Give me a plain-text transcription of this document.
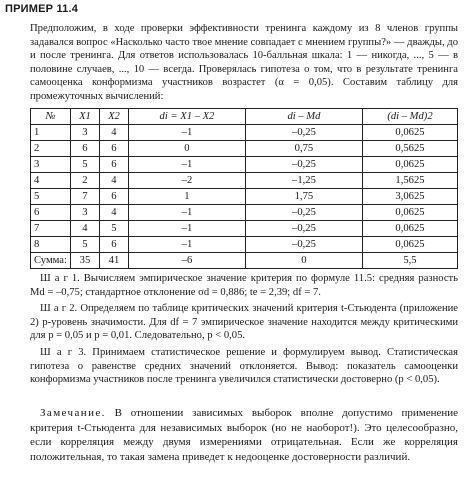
ПРИМЕР 11.4

Предположим, в ходе проверки эффективности тренинга каждому из 8 членов группы задавался вопрос «Насколько часто твое мнение совпадает с мнением группы?» — дважды, до и после тренинга. Для ответов использовалась 10-балльная шкала: 1 — никогда, ..., 5 — в половине случаев, ..., 10 — всегда. Проверялась гипотеза о том, что в результате тренинга самооценка конформизма участников возрастет (α = 0,05). Составим таблицу для промежуточных вычислений:

№	X1	X2	di = X1 – X2	di – Md	(di – Md)2
1	3	4	–1	–0,25	0,0625
2	6	6	0	0,75	0,5625
3	5	6	–1	–0,25	0,0625
4	2	4	–2	–1,25	1,5625
5	7	6	1	1,75	3,0625
6	3	4	–1	–0,25	0,0625
7	4	5	–1	–0,25	0,0625
8	5	6	–1	–0,25	0,0625
Сумма:	35	41	–6	0	5,5

Ш а г 1. Вычисляем эмпирическое значение критерия по формуле 11.5: средняя разность Md = –0,75; стандартное отклонение σd = 0,886; te = 2,39; df = 7.

Ш а г 2. Определяем по таблице критических значений критерия t-Стьюдента (приложение 2) p-уровень значимости. Для df = 7 эмпирическое значение находится между критическими для p = 0,05 и p = 0,01. Следовательно, p < 0,05.

Ш а г 3. Принимаем статистическое решение и формулируем вывод. Статистическая гипотеза о равенстве средних значений отклоняется. Вывод: показатель самооценки конформизма участников после тренинга увеличился статистически достоверно (p < 0,05).

Замечание. В отношении зависимых выборок вполне допустимо применение критерия t-Стьюдента для независимых выборок (но не наоборот!). Это целесообразно, если корреляция между двумя измерениями отрицательная. Если же корреляция положительная, то такая замена приведет к недооценке достоверности различий.
